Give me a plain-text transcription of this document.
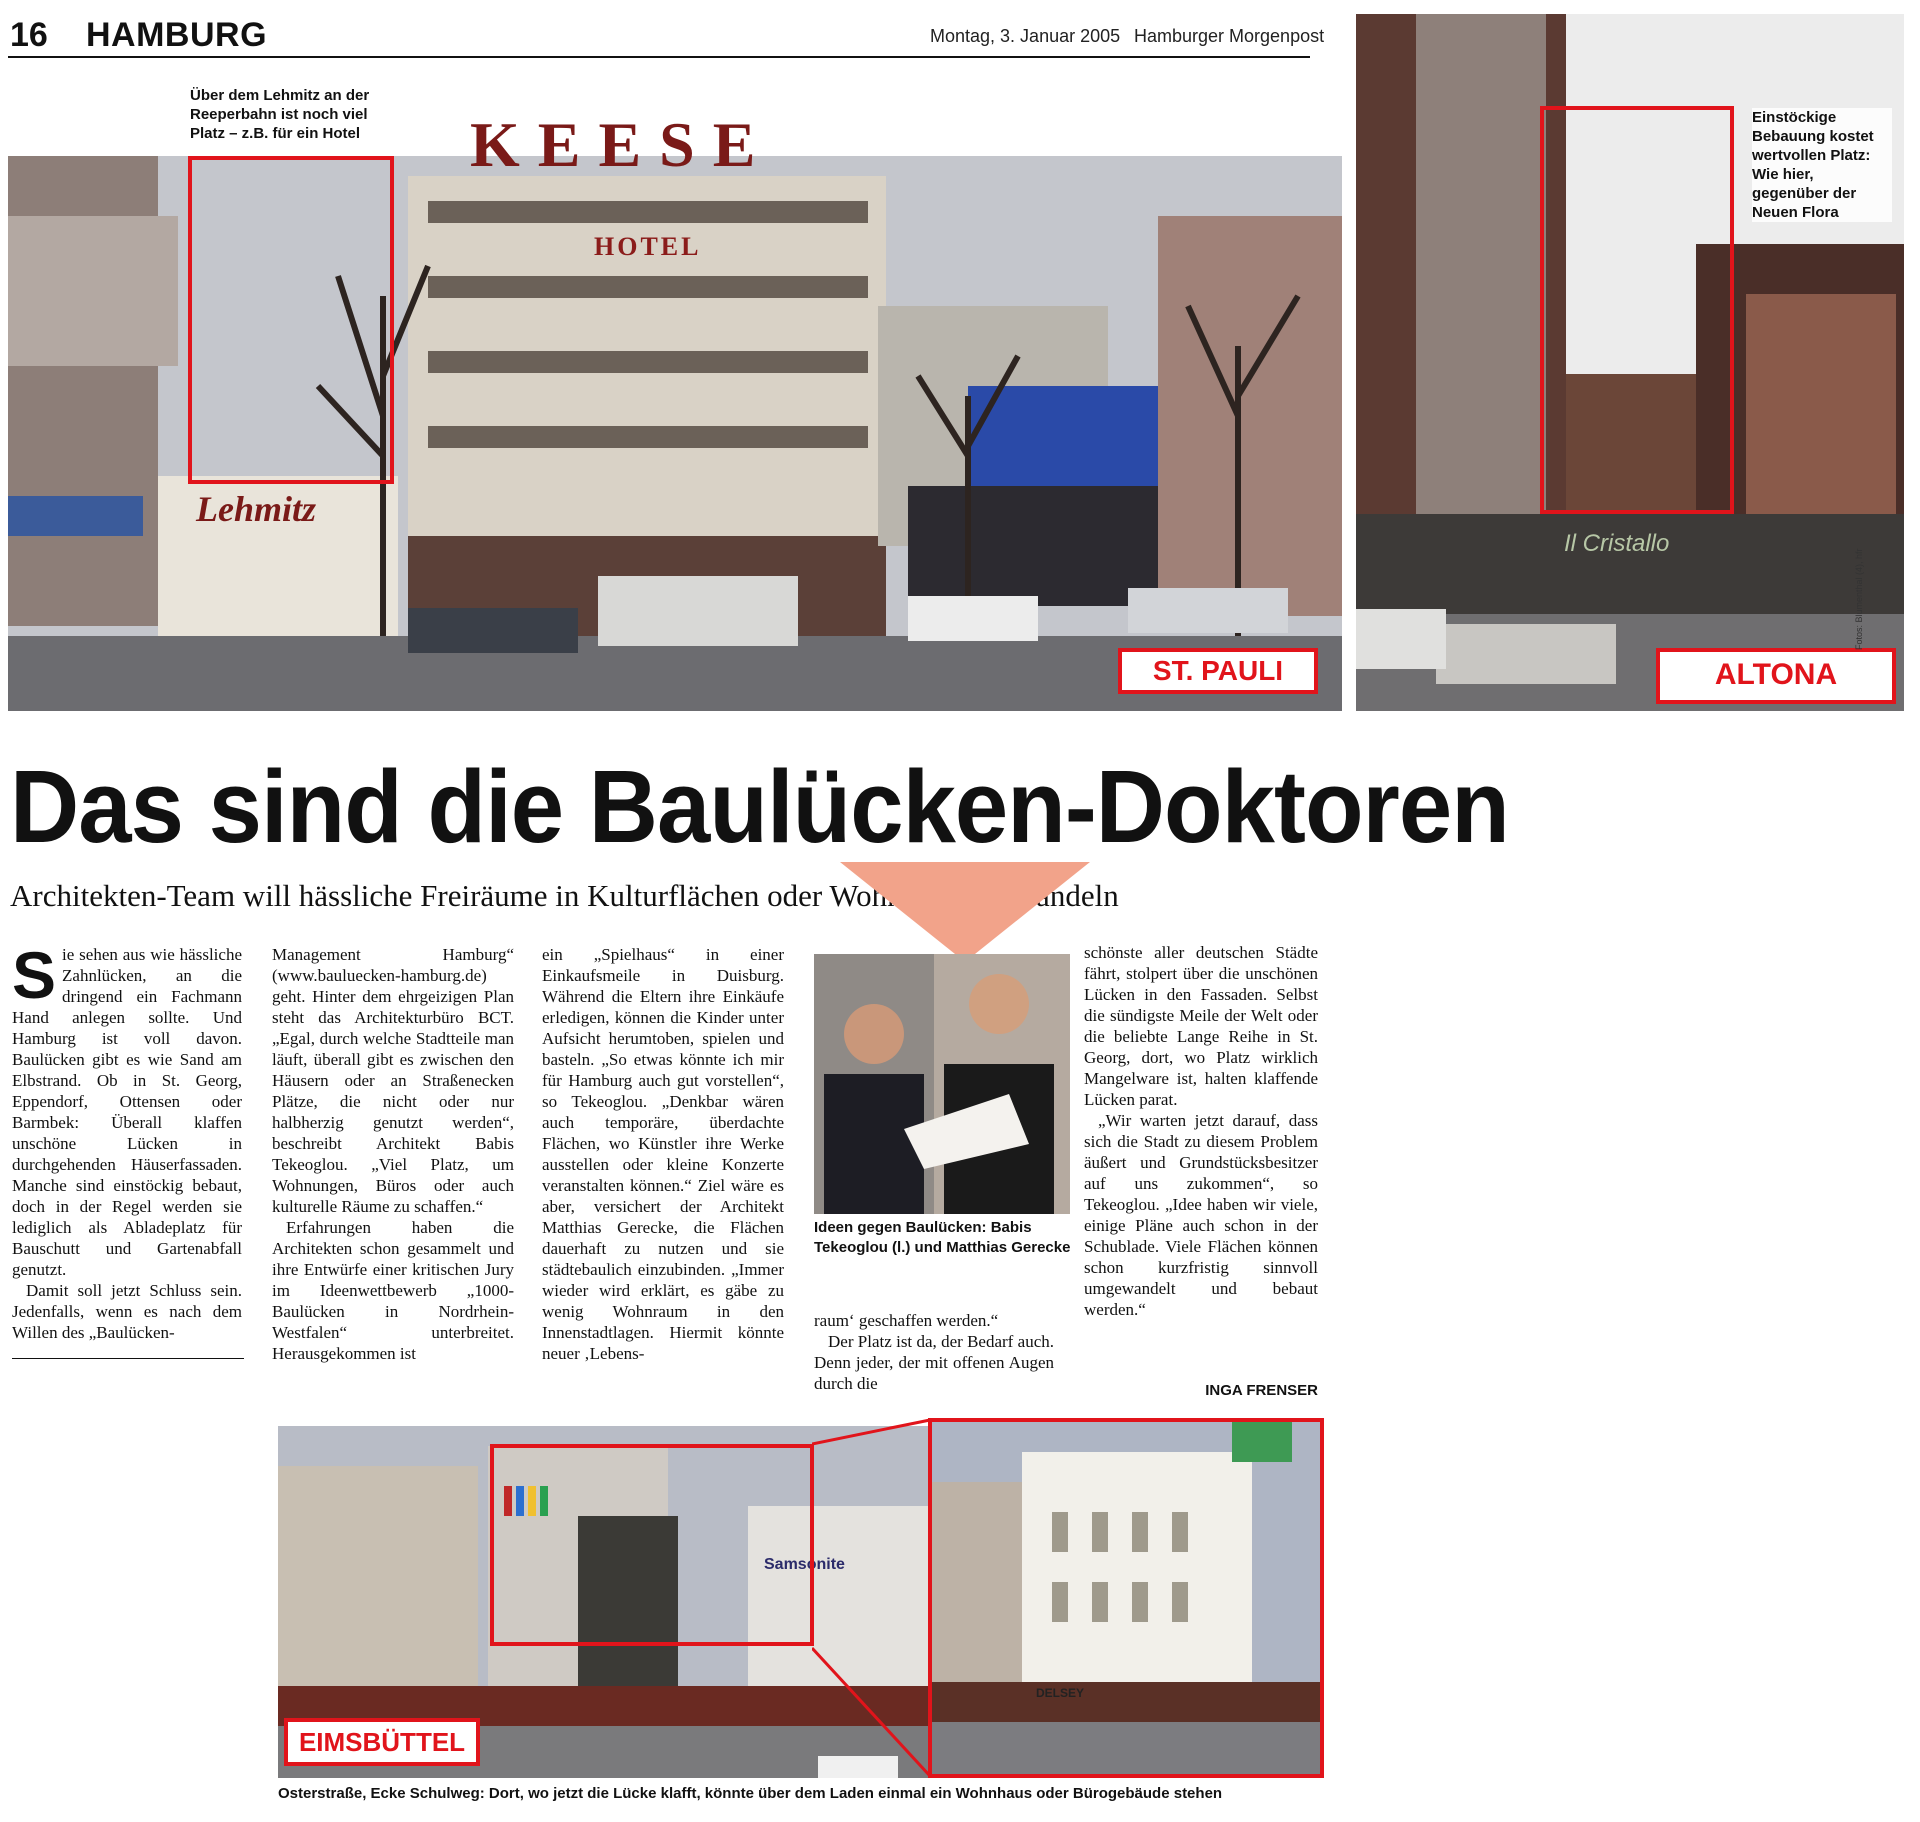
16 HAMBURG	Montag, 3. Januar 2005 Hamburger Morgenpost
KEESE
HOTEL
Lehmitz
Über dem Lehmitz an der Reeperbahn ist noch viel Platz – z.B. für ein Hotel
ST. PAULI
Il Cristallo
Einstöckige Bebauung kostet wertvollen Platz: Wie hier, gegenüber der Neuen Flora
ALTONA
Fotos: Blumenthal (4), hfr
Das sind die Baulücken-Doktoren
Architekten-Team will hässliche Freiräume in Kulturflächen oder Wohnraum umwandeln

Sie sehen aus wie hässliche Zahnlücken, an die dringend ein Fachmann Hand anlegen sollte. Und Hamburg ist voll davon. Baulücken gibt es wie Sand am Elbstrand. Ob in St. Georg, Eppendorf, Ottensen oder Barmbek: Überall klaffen unschöne Lücken in durchgehenden Häuserfassaden. Manche sind einstöckig bebaut, doch in der Regel werden sie lediglich als Abladeplatz für Bauschutt und Gartenabfall genutzt.

Damit soll jetzt Schluss sein. Jedenfalls, wenn es nach dem Willen des „Baulücken-

Management Hamburg“ (www.bauluecken-hamburg.de) geht. Hinter dem ehrgeizigen Plan steht das Architekturbüro BCT. „Egal, durch welche Stadtteile man läuft, überall gibt es zwischen den Häusern oder an Straßenecken Plätze, die nicht oder nur halbherzig genutzt werden“, beschreibt Architekt Babis Tekeoglou. „Viel Platz, um Wohnungen, Büros oder auch kulturelle Räume zu schaffen.“

Erfahrungen haben die Architekten schon gesammelt und ihre Entwürfe einer kritischen Jury im Ideenwettbewerb „1000-Baulücken in Nordrhein-Westfalen“ unterbreitet. Herausgekommen ist

ein „Spielhaus“ in einer Einkaufsmeile in Duisburg. Während die Eltern ihre Einkäufe erledigen, können die Kinder unter Aufsicht herumtoben, spielen und basteln. „So etwas könnte ich mir für Hamburg auch gut vorstellen“, so Tekeoglou. „Denkbar wären auch temporäre, überdachte Flächen, wo Künstler ihre Werke ausstellen oder kleine Konzerte veranstalten können.“ Ziel wäre es aber, versichert der Architekt Matthias Gerecke, die Flächen dauerhaft zu nutzen und sie städtebaulich einzubinden. „Immer wieder wird erklärt, es gäbe zu wenig Wohnraum in den Innenstadtlagen. Hiermit könnte neuer ‚Lebens-

Ideen gegen Baulücken: Babis Tekeoglou (l.) und Matthias Gerecke

raum‘ geschaffen werden.“

Der Platz ist da, der Bedarf auch. Denn jeder, der mit offenen Augen durch die

schönste aller deutschen Städte fährt, stolpert über die unschönen Lücken in den Fassaden. Selbst die sündigste Meile der Welt oder die beliebte Lange Reihe in St. Georg, dort, wo Platz wirklich Mangelware ist, halten klaffende Lücken parat.

„Wir warten jetzt darauf, dass sich die Stadt zu diesem Problem äußert und Grundstücksbesitzer auf uns zukommen“, so Tekeoglou. „Idee haben wir viele, einige Pläne auch schon in der Schublade. Viele Flächen können schon kurzfristig sinnvoll umgewandelt und bebaut werden.“

INGA FRENSER
Samsonite
EIMSBÜTTEL
DELSEY
Osterstraße, Ecke Schulweg: Dort, wo jetzt die Lücke klafft, könnte über dem Laden einmal ein Wohnhaus oder Bürogebäude stehen
